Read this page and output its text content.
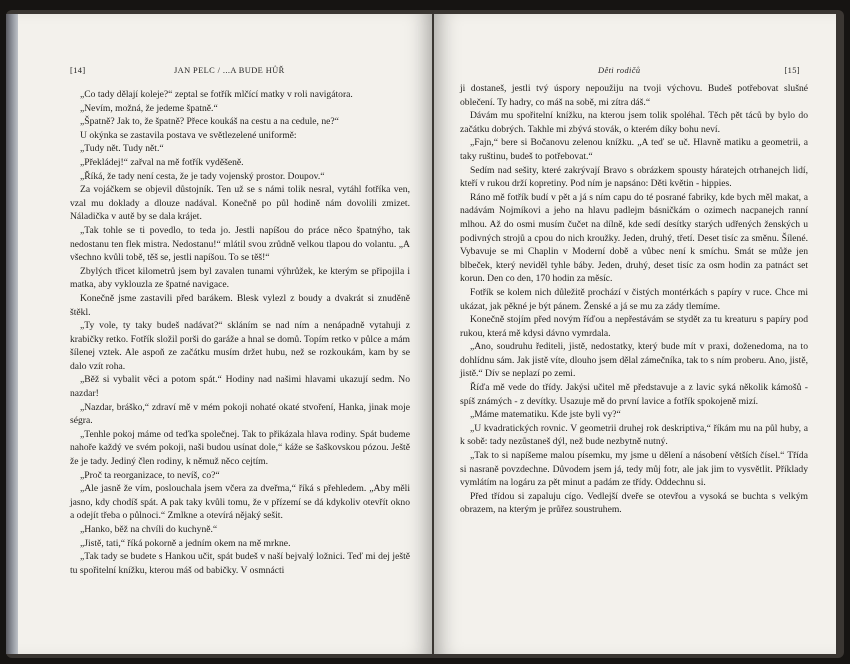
[14]	JAN PELC / ...A BUDE HŮŘ

„Co tady dělají koleje?“ zeptal se fotřík mlčící matky v roli navigátora.

„Nevím, možná, že jedeme špatně.“

„Špatně? Jak to, že špatně? Přece koukáš na cestu a na cedule, ne?“

U okýnka se zastavila postava ve světlezelené uniformě:

„Tudy nět. Tudy nět.“

„Překládej!“ zařval na mě fotřík vyděšeně.

„Říká, že tady není cesta, že je tady vojenský prostor. Doupov.“

Za vojáčkem se objevil důstojník. Ten už se s námi tolik nesral, vytáhl fotříka ven, vzal mu doklady a dlouze nadával. Konečně po půl hodině nám dovolili zmizet. Náladička v autě by se dala krájet.

„Tak tohle se ti povedlo, to teda jo. Jestli napíšou do práce něco špatnýho, tak nedostanu ten flek mistra. Nedostanu!“ mlátil svou zrůdně velkou tlapou do volantu. „A všechno kvůli tobě, těš se, jestli napíšou. To se těš!“

Zbylých třicet kilometrů jsem byl zavalen tunami výhrůžek, ke kterým se připojila i matka, aby vyklouzla ze špatné navigace.

Konečně jsme zastavili před barákem. Blesk vylezl z boudy a dvakrát si znuděně štěkl.

„Ty vole, ty taky budeš nadávat?“ skláním se nad ním a nenápadně vytahuji z krabičky retko. Fotřík složil porši do garáže a hnal se domů. Topím retko v půlce a mám šílenej vztek. Ale aspoň ze začátku musím držet hubu, než se rozkoukám, kam by se dalo vzít roha.

„Běž si vybalit věci a potom spát.“ Hodiny nad našimi hlavami ukazují sedm. No nazdar!

„Nazdar, bráško,“ zdraví mě v mém pokoji nohaté okaté stvoření, Hanka, jinak moje ségra.

„Tenhle pokoj máme od teďka společnej. Tak to přikázala hlava rodiny. Spát budeme nahoře každý ve svém pokoji, naši budou usínat dole,“ káže se šaškovskou pózou. Ještě že je tady. Jediný člen rodiny, k němuž něco cejtím.

„Proč ta reorganizace, to nevíš, co?“

„Ale jasně že vím, poslouchala jsem včera za dveřma,“ říká s přehledem. „Aby měli jasno, kdy chodíš spát. A pak taky kvůli tomu, že v přízemí se dá kdykoliv otevřít okno a odejít třeba o půlnoci.“ Zmlkne a otevírá nějaký sešit.

„Hanko, běž na chvíli do kuchyně.“

„Jistě, tati,“ říká pokorně a jedním okem na mě mrkne.

„Tak tady se budete s Hankou učit, spát budeš v naší bejvalý ložnici. Teď mi dej ještě tu spořitelní knížku, kterou máš od babičky. V osmnácti

Děti rodičů	[15]

ji dostaneš, jestli tvý úspory nepoužiju na tvoji výchovu. Budeš potřebovat slušné oblečení. Ty hadry, co máš na sobě, mi zítra dáš.“

Dávám mu spořitelní knížku, na kterou jsem tolik spoléhal. Těch pět táců by bylo do začátku dobrých. Takhle mi zbývá stovák, o kterém díky bohu neví.

„Fajn,“ bere si Bočanovu zelenou knížku. „A teď se uč. Hlavně matiku a geometrii, a taky ruštinu, budeš to potřebovat.“

Sedím nad sešity, které zakrývají Bravo s obrázkem spousty háratejch otrhanejch lidí, kteří v rukou drží kopretiny. Pod ním je napsáno: Děti květin - hippies.

Ráno mě fotřík budí v pět a já s ním capu do té posrané fabriky, kde bych měl makat, a nadávám Nojmíkovi a jeho na hlavu padlejm básničkám o ozimech nacpanejch ranní mlhou. Až do osmi musím čučet na dílně, kde sedí desítky starých udřených ženských u podivných strojů a cpou do nich kroužky. Jeden, druhý, třetí. Deset tisíc za směnu. Šílené. Vybavuje se mi Chaplin v Moderní době a vůbec není k smíchu. Smát se může jen blbeček, který neviděl tyhle báby. Jeden, druhý, deset tisíc za osm hodin za patnáct set korun. Den co den, 170 hodin za měsíc.

Fotřík se kolem nich důležitě prochází v čistých montérkách s papíry v ruce. Chce mi ukázat, jak pěkné je být pánem. Ženské a já se mu za zády tlemíme.

Konečně stojím před novým říďou a nepřestávám se stydět za tu kreaturu s papíry pod rukou, která mě kdysi dávno vymrdala.

„Ano, soudruhu řediteli, jistě, nedostatky, který bude mít v praxi, doženedoma, na to dohlídnu sám. Jak jistě víte, dlouho jsem dělal zámečníka, tak to s ním proberu. Ano, jistě, jistě.“ Dív se neplazí po zemi.

Říďa mě vede do třídy. Jakýsi učitel mě představuje a z lavic syká několik kámošů - spíš známých - z devítky. Usazuje mě do první lavice a fotřík spokojeně mizí.

„Máme matematiku. Kde jste byli vy?“

„U kvadratických rovnic. V geometrii druhej rok deskriptiva,“ říkám mu na půl huby, a k sobě: tady nezůstaneš dýl, než bude nezbytně nutný.

„Tak to si napíšeme malou písemku, my jsme u dělení a násobení větších čísel.“ Třída si nasraně povzdechne. Důvodem jsem já, tedy můj fotr, ale jak jim to vysvětlit. Příklady vymlátím na logáru za pět minut a padám ze třídy. Oddechnu si.

Před třídou si zapaluju cígo. Vedlejší dveře se otevřou a vysoká se buchta s velkým obrazem, na kterým je průřez soustruhem.
